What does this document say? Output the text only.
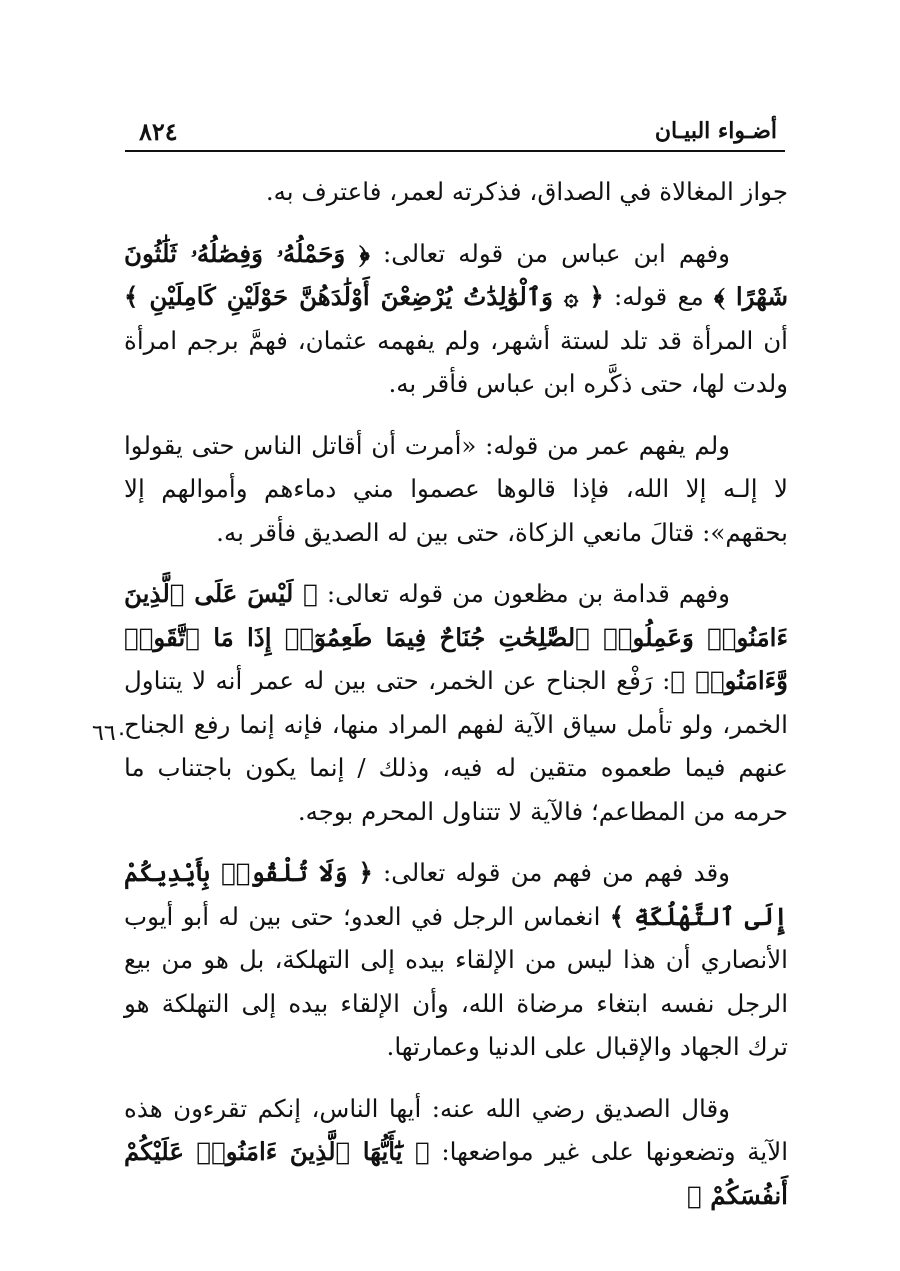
أضـواء البيـان
٨٢٤
٦٦٠

جواز المغالاة في الصداق، فذكرته لعمر، فاعترف به.

وفهم ابن عباس من قوله تعالى: ﴿ وَحَمْلُهُۥ وَفِصَٰلُهُۥ ثَلَٰثُونَ شَهْرًا ﴾ مع قوله: ﴿ ۞ وَٱلْوَٰلِدَٰتُ يُرْضِعْنَ أَوْلَٰدَهُنَّ حَوْلَيْنِ كَامِلَيْنِ ﴾ أن المرأة قد تلد لستة أشهر، ولم يفهمه عثمان، فهمَّ برجم امرأة ولدت لها، حتى ذكَّره ابن عباس فأقر به.

ولم يفهم عمر من قوله: «أمرت أن أقاتل الناس حتى يقولوا لا إلـه إلا الله، فإذا قالوها عصموا مني دماءهم وأموالهم إلا بحقهم»: قتالَ مانعي الزكاة، حتى بين له الصديق فأقر به.

وفهم قدامة بن مظعون من قوله تعالى: ﴿ لَيْسَ عَلَى ٱلَّذِينَ ءَامَنُوا۟ وَعَمِلُوا۟ ٱلصَّٰلِحَٰتِ جُنَاحٌ فِيمَا طَعِمُوٓا۟ إِذَا مَا ٱتَّقَوا۟ وَّءَامَنُوا۟ ﴾: رَفْع الجناح عن الخمر، حتى بين له عمر أنه لا يتناول الخمر، ولو تأمل سياق الآية لفهم المراد منها، فإنه إنما رفع الجناح عنهم فيما طعموه متقين له فيه، وذلك / إنما يكون باجتناب ما حرمه من المطاعم؛ فالآية لا تتناول المحرم بوجه.

وقد فهم من فهم من قوله تعالى: ﴿ وَلَا تُلْقُوا۟ بِأَيْدِيكُمْ إِلَى ٱلتَّهْلُكَةِ ﴾ انغماس الرجل في العدو؛ حتى بين له أبو أيوب الأنصاري أن هذا ليس من الإلقاء بيده إلى التهلكة، بل هو من بيع الرجل نفسه ابتغاء مرضاة الله، وأن الإلقاء بيده إلى التهلكة هو ترك الجهاد والإقبال على الدنيا وعمارتها.

وقال الصديق رضي الله عنه: أيها الناس، إنكم تقرءون هذه الآية وتضعونها على غير مواضعها: ﴿ يَٰٓأَيُّهَا ٱلَّذِينَ ءَامَنُوا۟ عَلَيْكُمْ أَنفُسَكُمْ ﴾
